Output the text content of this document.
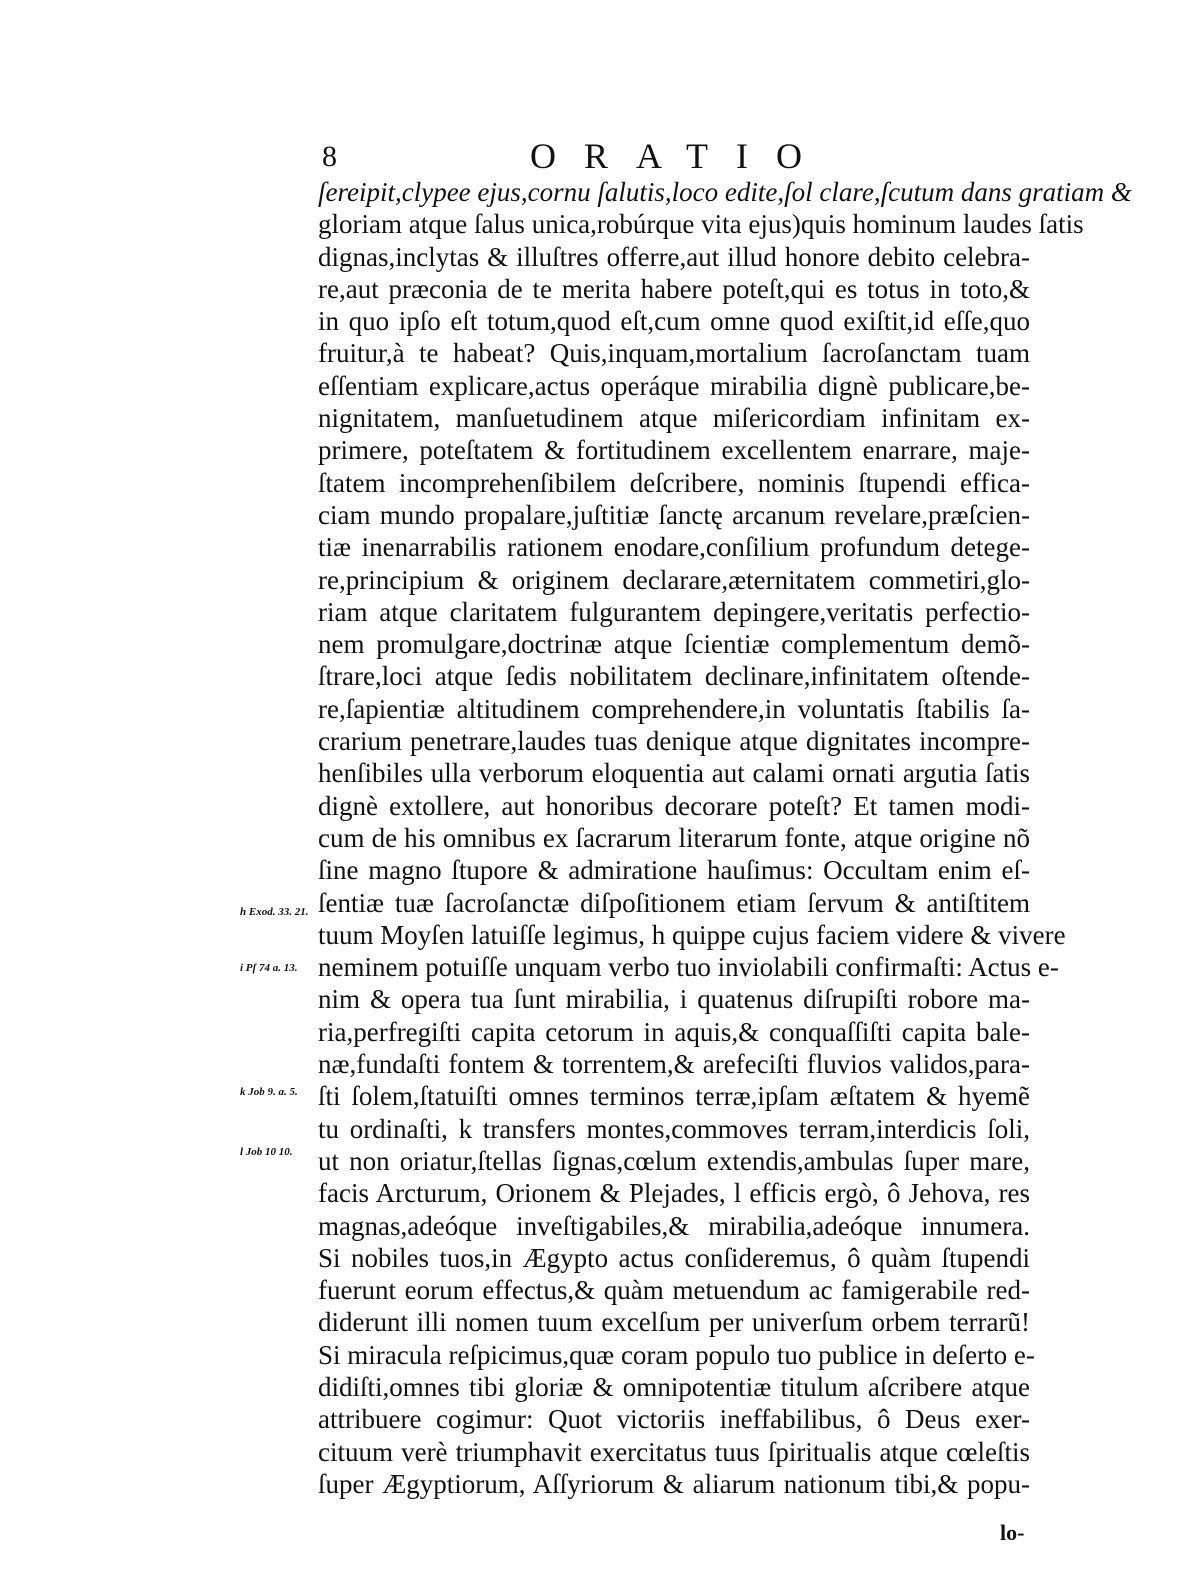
8	ORATIO
ſereipit,clypee ejus,cornu ſalutis,loco edite,ſol clare,ſcutum dans gratiam &
gloriam atque ſalus unica,robúrque vita ejus)quis hominum laudes ſatis
dignas,inclytas & illuſtres offerre,aut illud honore debito celebra-
re,aut præconia de te merita habere poteſt,qui es totus in toto,&
in quo ipſo eſt totum,quod eſt,cum omne quod exiſtit,id eſſe,quo
fruitur,à te habeat? Quis,inquam,mortalium ſacroſanctam tuam
eſſentiam explicare,actus operáque mirabilia dignè publicare,be-
nignitatem, manſuetudinem atque miſericordiam infinitam ex-
primere, poteſtatem & fortitudinem excellentem enarrare, maje-
ſtatem incomprehenſibilem deſcribere, nominis ſtupendi effica-
ciam mundo propalare,juſtitiæ ſanctę arcanum revelare,præſcien-
tiæ inenarrabilis rationem enodare,conſilium profundum detege-
re,principium & originem declarare,æternitatem commetiri,glo-
riam atque claritatem fulgurantem depingere,veritatis perfectio-
nem promulgare,doctrinæ atque ſcientiæ complementum demõ-
ſtrare,loci atque ſedis nobilitatem declinare,infinitatem oſtende-
re,ſapientiæ altitudinem comprehendere,in voluntatis ſtabilis ſa-
crarium penetrare,laudes tuas denique atque dignitates incompre-
henſibiles ulla verborum eloquentia aut calami ornati argutia ſatis
dignè extollere, aut honoribus decorare poteſt? Et tamen modi-
cum de his omnibus ex ſacrarum literarum fonte, atque origine nõ
ſine magno ſtupore & admiratione hauſimus: Occultam enim eſ-
ſentiæ tuæ ſacroſanctæ diſpoſitionem etiam ſervum & antiſtitem
tuum Moyſen latuiſſe legimus, h quippe cujus faciem videre & vivere
neminem potuiſſe unquam verbo tuo inviolabili confirmaſti: Actus e-
nim & opera tua ſunt mirabilia, i quatenus diſrupiſti robore ma-
ria,perfregiſti capita cetorum in aquis,& conquaſſiſti capita bale-
næ,fundaſti fontem & torrentem,& arefeciſti fluvios validos,para-
ſti ſolem,ſtatuiſti omnes terminos terræ,ipſam æſtatem & hyemẽ
tu ordinaſti, k transfers montes,commoves terram,interdicis ſoli,
ut non oriatur,ſtellas ſignas,cœlum extendis,ambulas ſuper mare,
facis Arcturum, Orionem & Plejades, l efficis ergò, ô Jehova, res
magnas,adeóque inveſtigabiles,& mirabilia,adeóque innumera.
Si nobiles tuos,in Ægypto actus conſideremus, ô quàm ſtupendi
fuerunt eorum effectus,& quàm metuendum ac famigerabile red-
diderunt illi nomen tuum excelſum per univerſum orbem terrarũ!
Si miracula reſpicimus,quæ coram populo tuo publice in deſerto e-
didiſti,omnes tibi gloriæ & omnipotentiæ titulum aſcribere atque
attribuere cogimur: Quot victoriis ineffabilibus, ô Deus exer-
cituum verè triumphavit exercitatus tuus ſpiritualis atque cœleſtis
ſuper Ægyptiorum, Aſſyriorum & aliarum nationum tibi,& popu-
h Exod. 33. 21.
i Pſ 74 a. 13.
k Job 9. a. 5.
l Job 10 10.
lo-
